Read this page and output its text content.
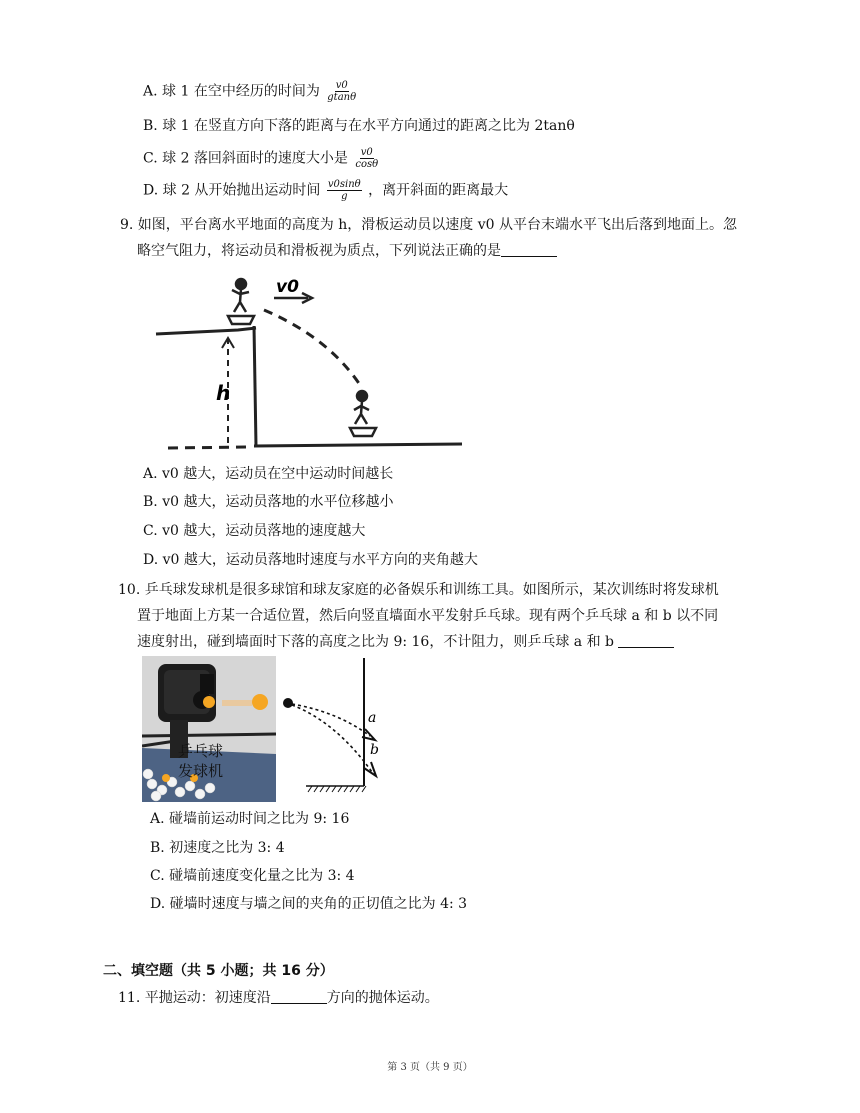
A. 球 1 在空中经历的时间为 $\frac{v0}{gtan\theta}$
B. 球 1 在竖直方向下落的距离与在水平方向通过的距离之比为 2tanθ
C. 球 2 落回斜面时的速度大小是 $\frac{v0}{\cos\theta}$
D. 球 2 从开始抛出运动时间 $\frac{v0\sin\theta}{g}$ ，离开斜面的距离最大
9. 如图，平台离水平地面的高度为 h，滑板运动员以速度 v0 从平台末端水平飞出后落到地面上。忽
略空气阻力，将运动员和滑板视为质点，下列说法正确的是
h
v0
A. v0 越大，运动员在空中运动时间越长
B. v0 越大，运动员落地的水平位移越小
C. v0 越大，运动员落地的速度越大
D. v0 越大，运动员落地时速度与水平方向的夹角越大
10. 乒乓球发球机是很多球馆和球友家庭的必备娱乐和训练工具。如图所示，某次训练时将发球机
置于地面上方某一合适位置，然后向竖直墙面水平发射乒乓球。现有两个乒乓球 a 和 b 以不同
速度射出，碰到墙面时下落的高度之比为 9: 16，不计阻力，则乒乓球 a 和 b
乒乓球
发球机
a
b
A. 碰墙前运动时间之比为 9: 16
B. 初速度之比为 3: 4
C. 碰墙前速度变化量之比为 3: 4
D. 碰墙时速度与墙之间的夹角的正切值之比为 4: 3
二、填空题（共 5 小题；共 16 分）
11. 平抛运动：初速度沿	方向的抛体运动。
第 3 页（共 9 页）
